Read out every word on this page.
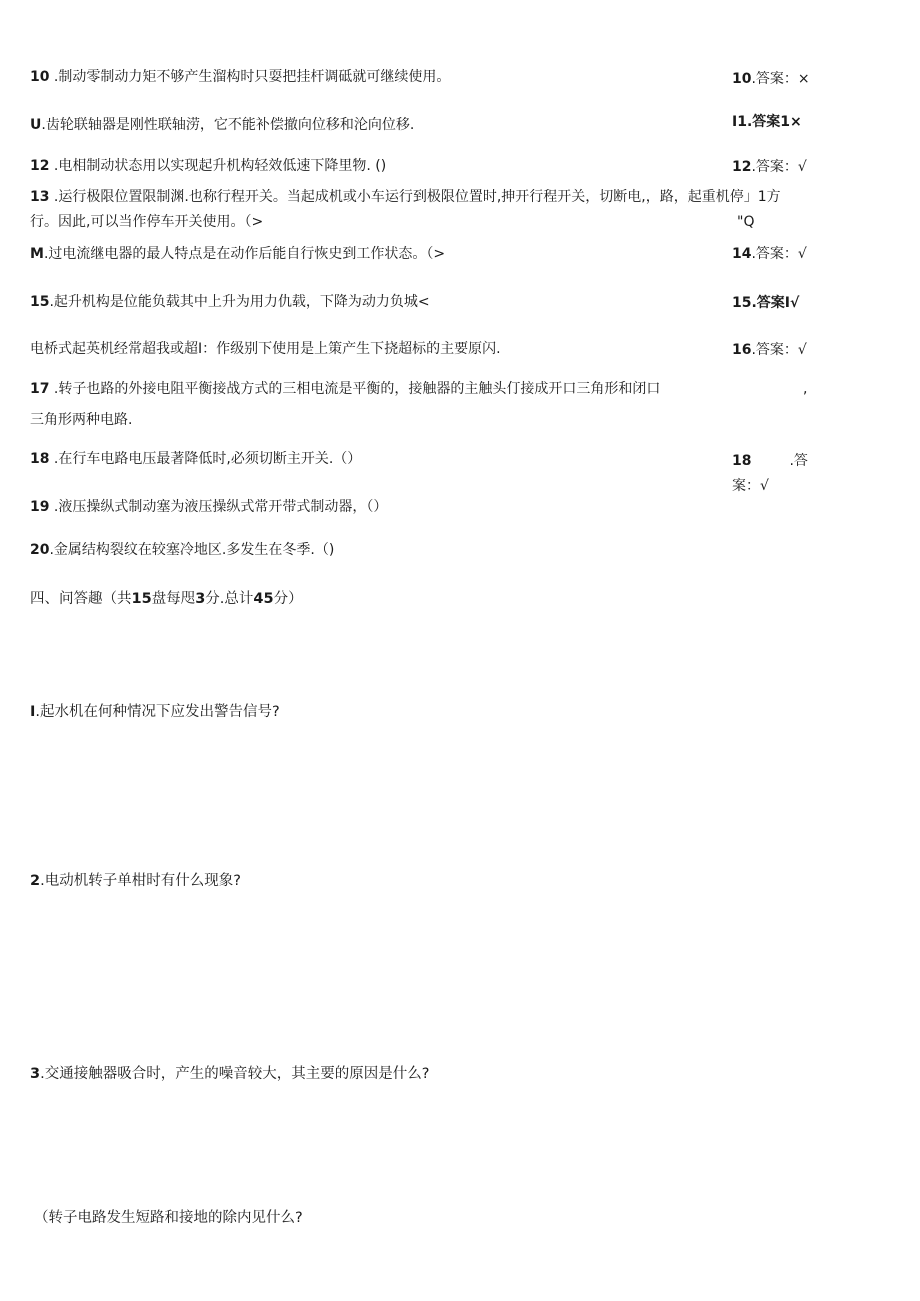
10 .制动零制动力矩不够产生溜构时只耍把挂杆调砥就可继续使用。	10.答案：×
U.齿轮联轴器是刚性联轴涝，它不能补偿撤向位移和沦向位移.	I1.答案1×
12 .电相制动状态用以实现起升机构轻效低速下降里物. ()	12.答案：√
13 .运行极限位置限制渊.也称行程开关。当起成机或小车运行到极限位置时,抻开行程开关，切断电,，路，起重机停」1方
行。因此,可以当作停车开关使用。（>	"Q
M.过电流继电器的最人特点是在动作后能自行恢史到工作状态。（>	14.答案：√
15.起升机构是位能负载其中上升为用力仇载，下降为动力负城<	15.答案I√
电桥式起英机经常超我或超I：作级别下使用是上策产生下挠超标的主要原闪.	16.答案：√
17 .转子也路的外接电阻平衡接战方式的三相电流是平衡的，接触器的主触头仃接成开口三角形和闭口	,
三角形两种电路.
18 .在行车电路电压最著降低时,必须切断主开关.（）	18	.答
案：√
19 .液压操纵式制动塞为液压操纵式常开带式制动器，（）
20.金属结构裂纹在较塞冷地区.多发生在冬季.（)
四、问答趣（共15盘每咫3分.总计45分）
I.起水机在何种情况下应发出警告信号?
2.电动机转子单柑时有什么现象?
3.交通接触器吸合时，产生的噪音较大，其主要的原因是什么?
（转子电路发生短路和接地的除内见什么?
